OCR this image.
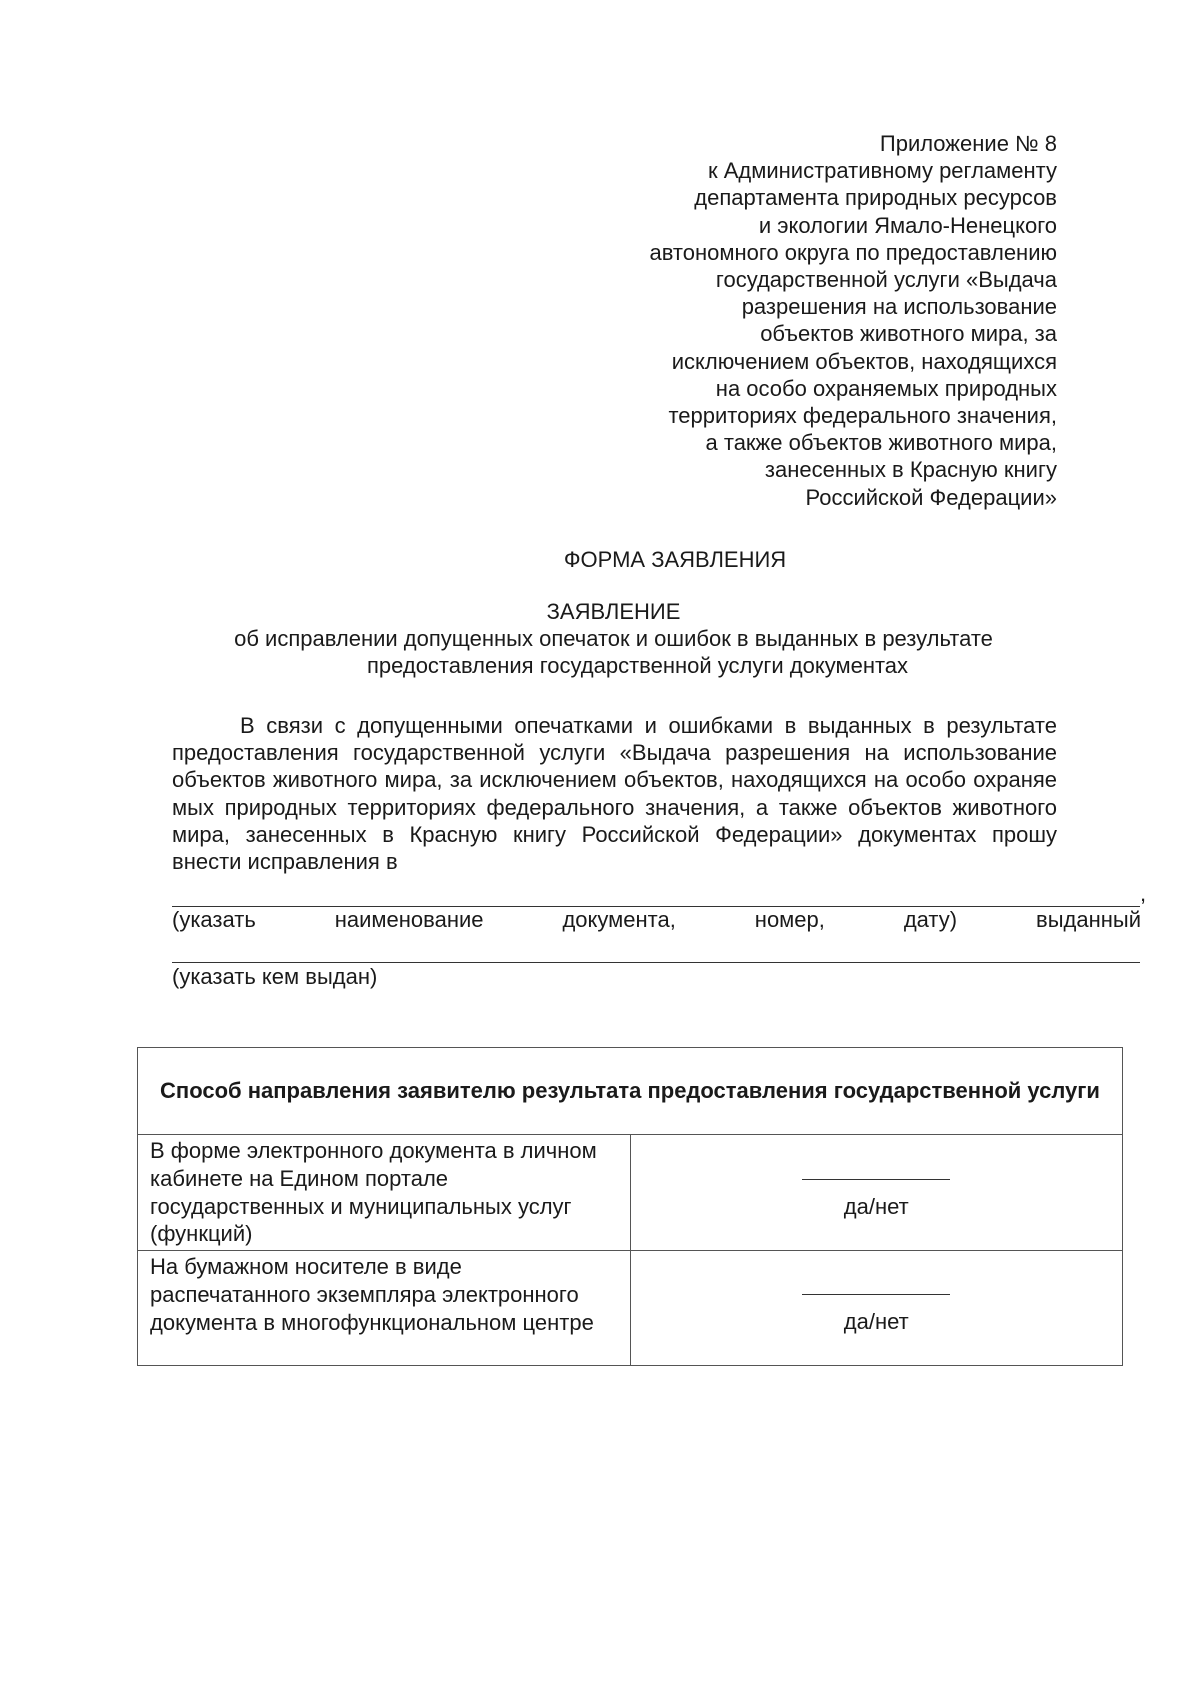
Приложение № 8
к Административному регламенту
департамента природных ресурсов
и экологии Ямало-Ненецкого
автономного округа по предоставлению
государственной услуги «Выдача
разрешения на использование
объектов животного мира, за
исключением объектов, находящихся
на особо охраняемых природных
территориях федерального значения,
а также объектов животного мира,
занесенных в Красную книгу
Российской Федерации»
ФОРМА ЗАЯВЛЕНИЯ
ЗАЯВЛЕНИЕ
об исправлении допущенных опечаток и ошибок в выданных в результате
предоставления государственной услуги документах
В связи с допущенными опечатками и ошибками в выданных в результате
предоставления государственной услуги «Выдача разрешения на использование
объектов животного мира, за исключением объектов, находящихся на особо охраняе
мых природных территориях федерального значения, а также объектов животного
мира, занесенных в Красную книгу Российской Федерации» документах прошу
внести исправления в
,
(указать	наименование	документа,	номер,	дату)	выданный
(указать кем выдан)
Способ направления заявителю результата предоставления государственной услуги	
В форме электронного документа в личном кабинете на Едином портале государственных и муниципальных услуг (функций)	да/нет

На бумажном носителе в виде распечатанного экземпляра электронного документа в многофункциональном центре	да/нет
